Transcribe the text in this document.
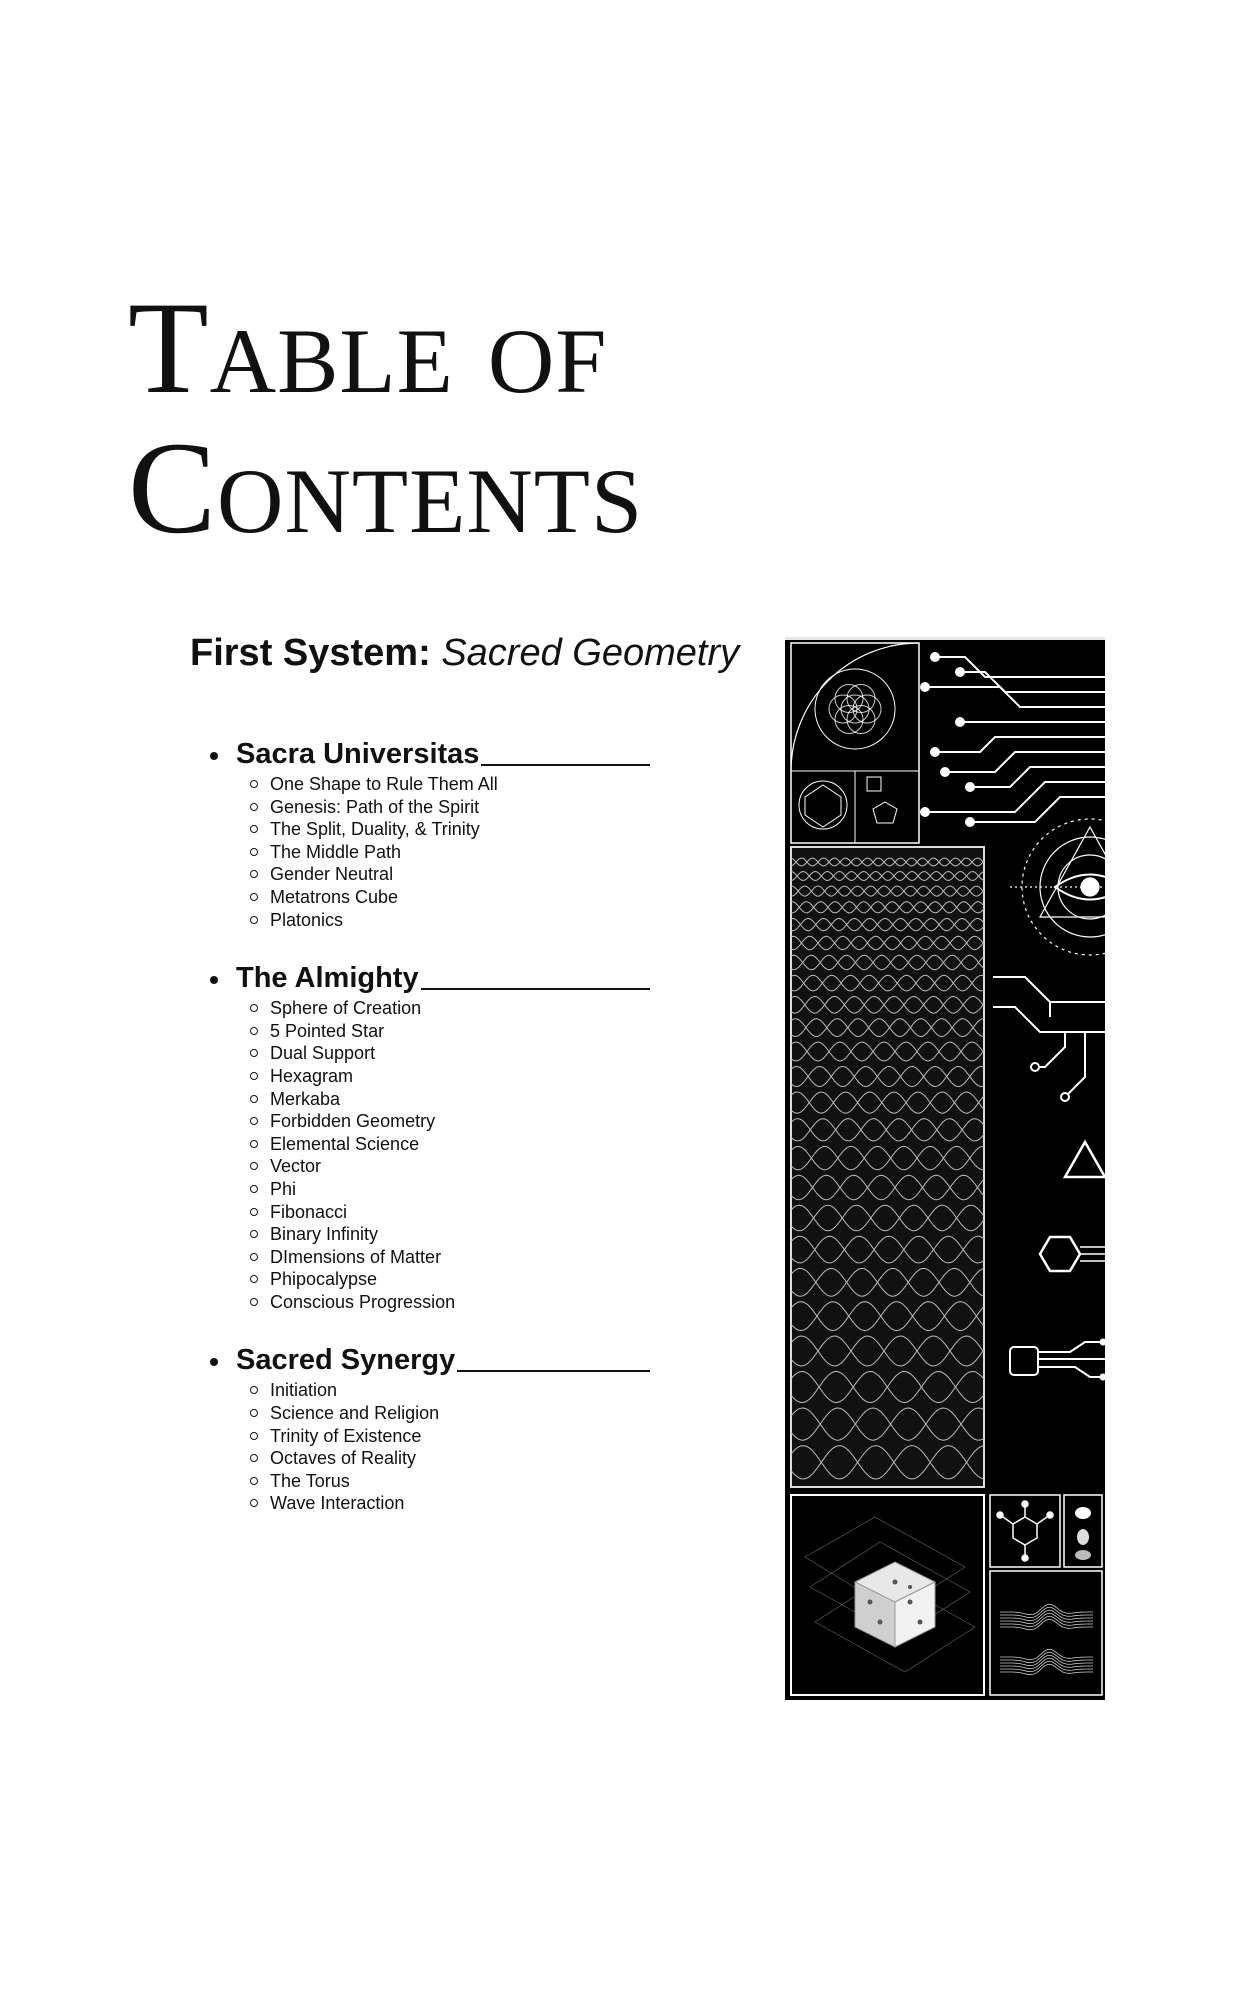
Table of
Contents
First System: Sacred Geometry
Sacra Universitas
One Shape to Rule Them All
Genesis: Path of the Spirit
The Split, Duality, & Trinity
The Middle Path
Gender Neutral
Metatrons Cube
Platonics
The Almighty
Sphere of Creation
5 Pointed Star
Dual Support
Hexagram
Merkaba
Forbidden Geometry
Elemental Science
Vector
Phi
Fibonacci
Binary Infinity
DImensions of Matter
Phipocalypse
Conscious Progression
Sacred Synergy
Initiation
Science and Religion
Trinity of Existence
Octaves of Reality
The Torus
Wave Interaction
